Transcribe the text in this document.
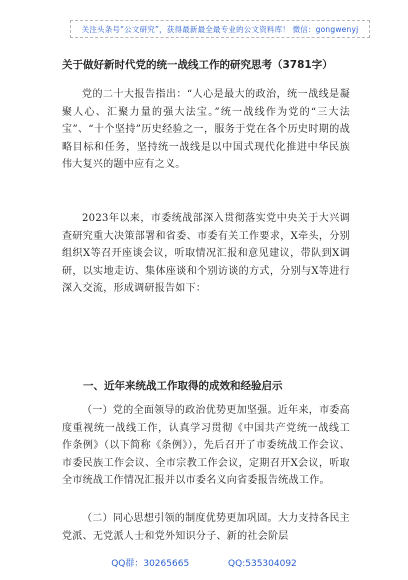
关注头条号“公文研究”，获得最新最全最专业的公文资料库！ 微信：gongwenyj
关于做好新时代党的统一战线工作的研究思考（3781字）

党的二十大报告指出：“人心是最大的政治，统一战线是凝聚人心、汇聚力量的强大法宝。”统一战线作为党的“三大法宝”、“十个坚持”历史经验之一，服务于党在各个历史时期的战略目标和任务，坚持统一战线是以中国式现代化推进中华民族伟大复兴的题中应有之义。

2023年以来，市委统战部深入贯彻落实党中央关于大兴调查研究重大决策部署和省委、市委有关工作要求，X牵头，分别组织X等召开座谈会议，听取情况汇报和意见建议，带队到X调研，以实地走访、集体座谈和个别访谈的方式，分别与X等进行深入交流，形成调研报告如下：

一、近年来统战工作取得的成效和经验启示

（一）党的全面领导的政治优势更加坚强。近年来，市委高度重视统一战线工作，认真学习贯彻《中国共产党统一战线工作条例》（以下简称《条例》），先后召开了市委统战工作会议、市委民族工作会议、全市宗教工作会议，定期召开X会议，听取全市统战工作情况汇报并以市委名义向省委报告统战工作。

（二）同心思想引领的制度优势更加巩固。大力支持各民主党派、无党派人士和党外知识分子、新的社会阶层

QQ群：30265665	QQ:535304092
